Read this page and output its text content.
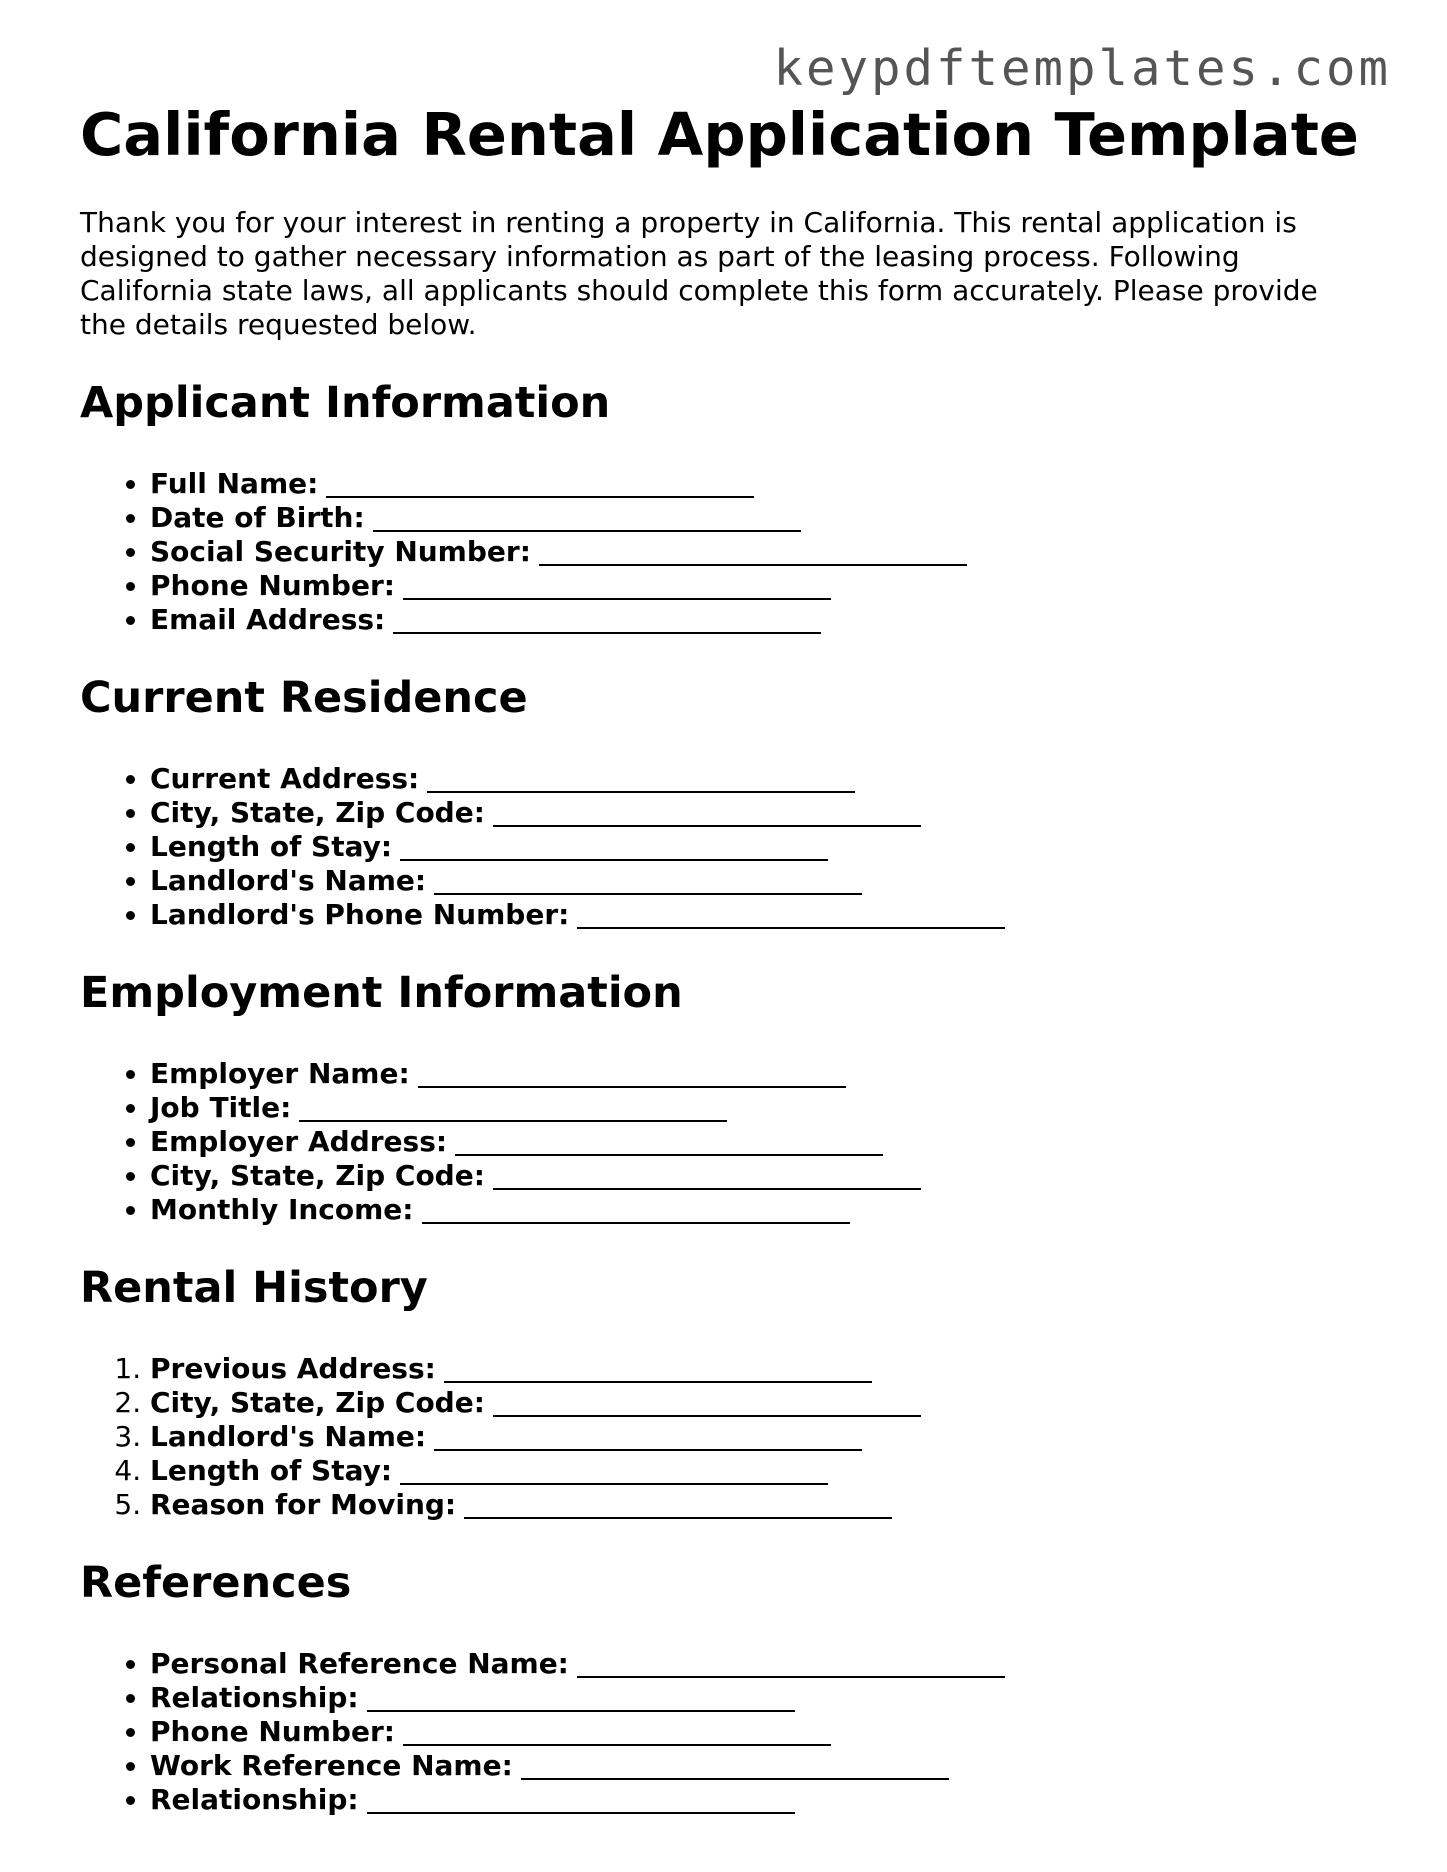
keypdftemplates.com
California Rental Application Template

Thank you for your interest in renting a property in California. This rental application is designed to gather necessary information as part of the leasing process. Following California state laws, all applicants should complete this form accurately. Please provide the details requested below.

Applicant Information
• Full Name:
• Date of Birth:
• Social Security Number:
• Phone Number:
• Email Address:
Current Residence
• Current Address:
• City, State, Zip Code:
• Length of Stay:
• Landlord's Name:
• Landlord's Phone Number:
Employment Information
• Employer Name:
• Job Title:
• Employer Address:
• City, State, Zip Code:
• Monthly Income:
Rental History
1. Previous Address:
2. City, State, Zip Code:
3. Landlord's Name:
4. Length of Stay:
5. Reason for Moving:
References
• Personal Reference Name:
• Relationship:
• Phone Number:
• Work Reference Name:
• Relationship:
